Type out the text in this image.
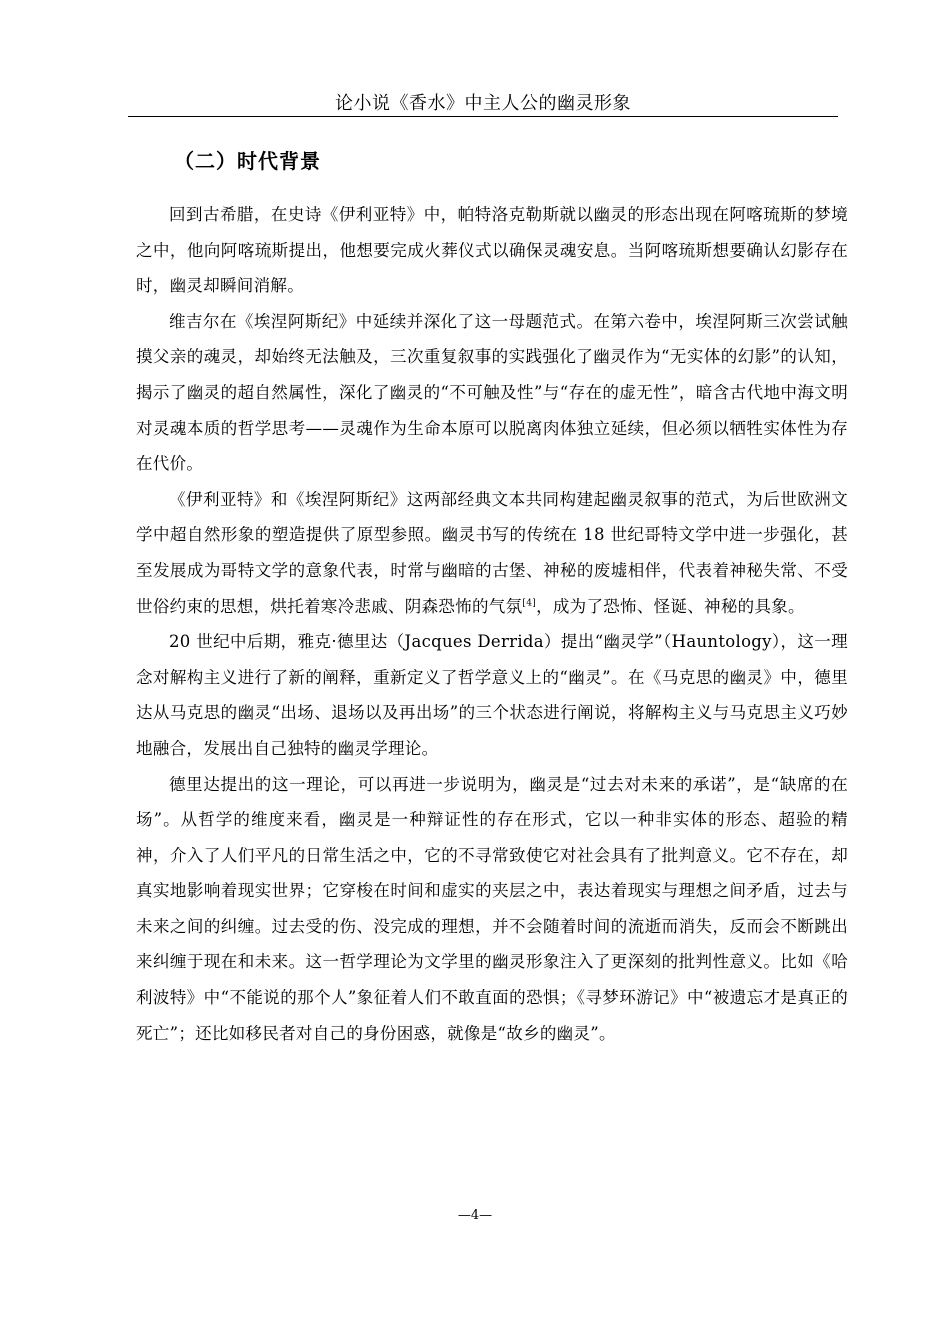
论小说《香水》中主人公的幽灵形象
（二）时代背景

回到古希腊，在史诗《伊利亚特》中，帕特洛克勒斯就以幽灵的形态出现在阿喀琉斯的梦境之中，他向阿喀琉斯提出，他想要完成火葬仪式以确保灵魂安息。当阿喀琉斯想要确认幻影存在时，幽灵却瞬间消解。

维吉尔在《埃涅阿斯纪》中延续并深化了这一母题范式。在第六卷中，埃涅阿斯三次尝试触摸父亲的魂灵，却始终无法触及，三次重复叙事的实践强化了幽灵作为“无实体的幻影”的认知，揭示了幽灵的超自然属性，深化了幽灵的“不可触及性”与“存在的虚无性”，暗含古代地中海文明对灵魂本质的哲学思考——灵魂作为生命本原可以脱离肉体独立延续，但必须以牺牲实体性为存在代价。

《伊利亚特》和《埃涅阿斯纪》这两部经典文本共同构建起幽灵叙事的范式，为后世欧洲文学中超自然形象的塑造提供了原型参照。幽灵书写的传统在 18 世纪哥特文学中进一步强化，甚至发展成为哥特文学的意象代表，时常与幽暗的古堡、神秘的废墟相伴，代表着神秘失常、不受世俗约束的思想，烘托着寒冷悲戚、阴森恐怖的气氛[4]，成为了恐怖、怪诞、神秘的具象。

20 世纪中后期，雅克·德里达（Jacques Derrida）提出“幽灵学”（Hauntology），这一理念对解构主义进行了新的阐释，重新定义了哲学意义上的“幽灵”。在《马克思的幽灵》中，德里达从马克思的幽灵“出场、退场以及再出场”的三个状态进行阐说，将解构主义与马克思主义巧妙地融合，发展出自己独特的幽灵学理论。

德里达提出的这一理论，可以再进一步说明为，幽灵是“过去对未来的承诺”，是“缺席的在场”。从哲学的维度来看，幽灵是一种辩证性的存在形式，它以一种非实体的形态、超验的精神，介入了人们平凡的日常生活之中，它的不寻常致使它对社会具有了批判意义。它不存在，却真实地影响着现实世界；它穿梭在时间和虚实的夹层之中，表达着现实与理想之间矛盾，过去与未来之间的纠缠。过去受的伤、没完成的理想，并不会随着时间的流逝而消失，反而会不断跳出来纠缠于现在和未来。这一哲学理论为文学里的幽灵形象注入了更深刻的批判性意义。比如《哈利波特》中“不能说的那个人”象征着人们不敢直面的恐惧；《寻梦环游记》中“被遗忘才是真正的死亡”；还比如移民者对自己的身份困惑，就像是“故乡的幽灵”。

—4—
